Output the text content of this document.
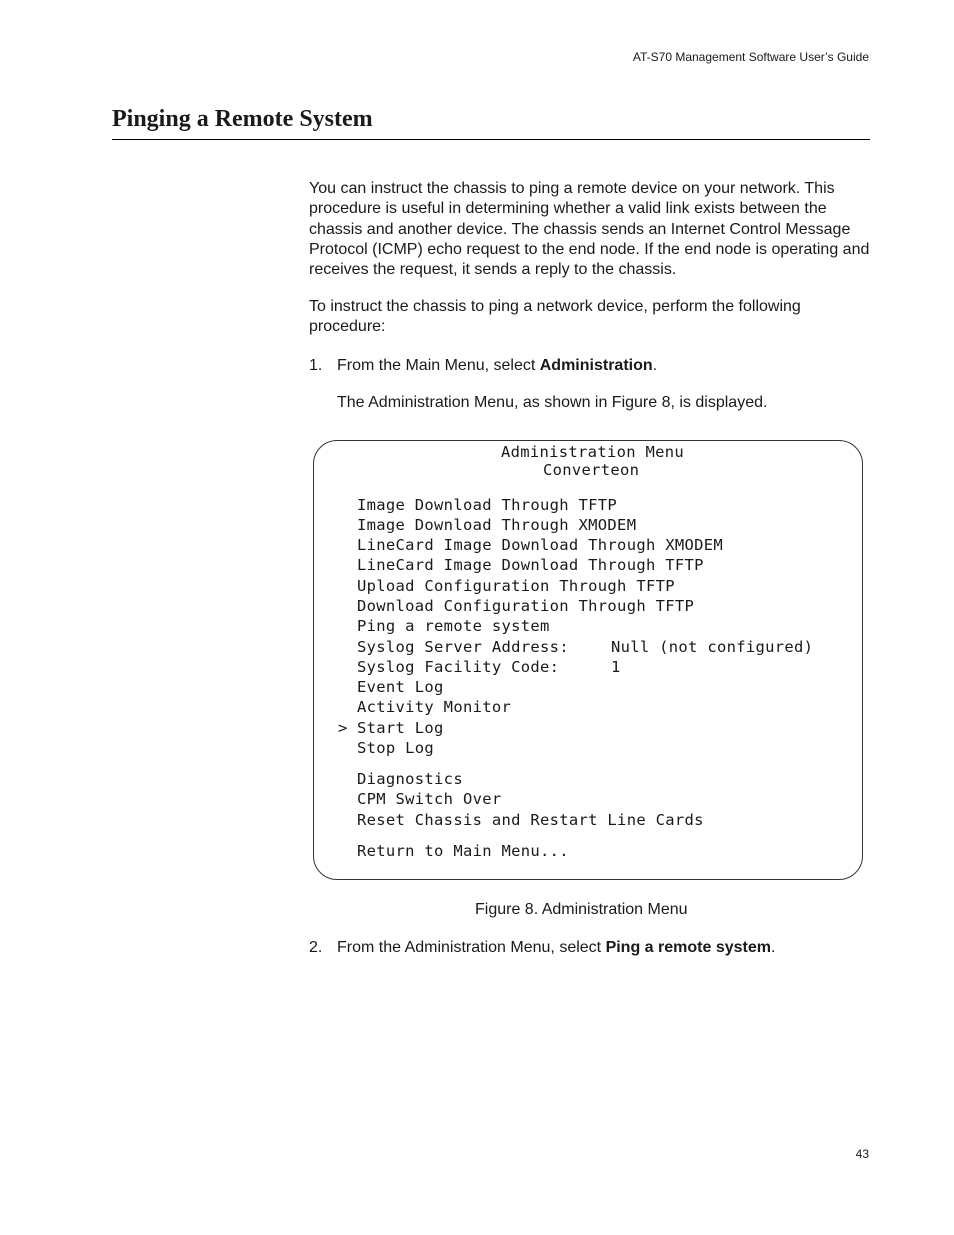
AT-S70 Management Software User’s Guide
Pinging a Remote System

You can instruct the chassis to ping a remote device on your network. This procedure is useful in determining whether a valid link exists between the chassis and another device. The chassis sends an Internet Control Message Protocol (ICMP) echo request to the end node. If the end node is operating and receives the request, it sends a reply to the chassis.

To instruct the chassis to ping a network device, perform the following procedure:

1. From the Main Menu, select Administration.
The Administration Menu, as shown in Figure 8, is displayed.
Administration Menu
Converteon
Image Download Through TFTP
Image Download Through XMODEM
LineCard Image Download Through XMODEM
LineCard Image Download Through TFTP
Upload Configuration Through TFTP
Download Configuration Through TFTP
Ping a remote system
Syslog Server Address:	Null (not configured)
Syslog Facility Code:	1
Event Log
Activity Monitor
> Start Log
Stop Log
Diagnostics
CPM Switch Over
Reset Chassis and Restart Line Cards
Return to Main Menu...
Figure 8. Administration Menu
2. From the Administration Menu, select Ping a remote system.
43
